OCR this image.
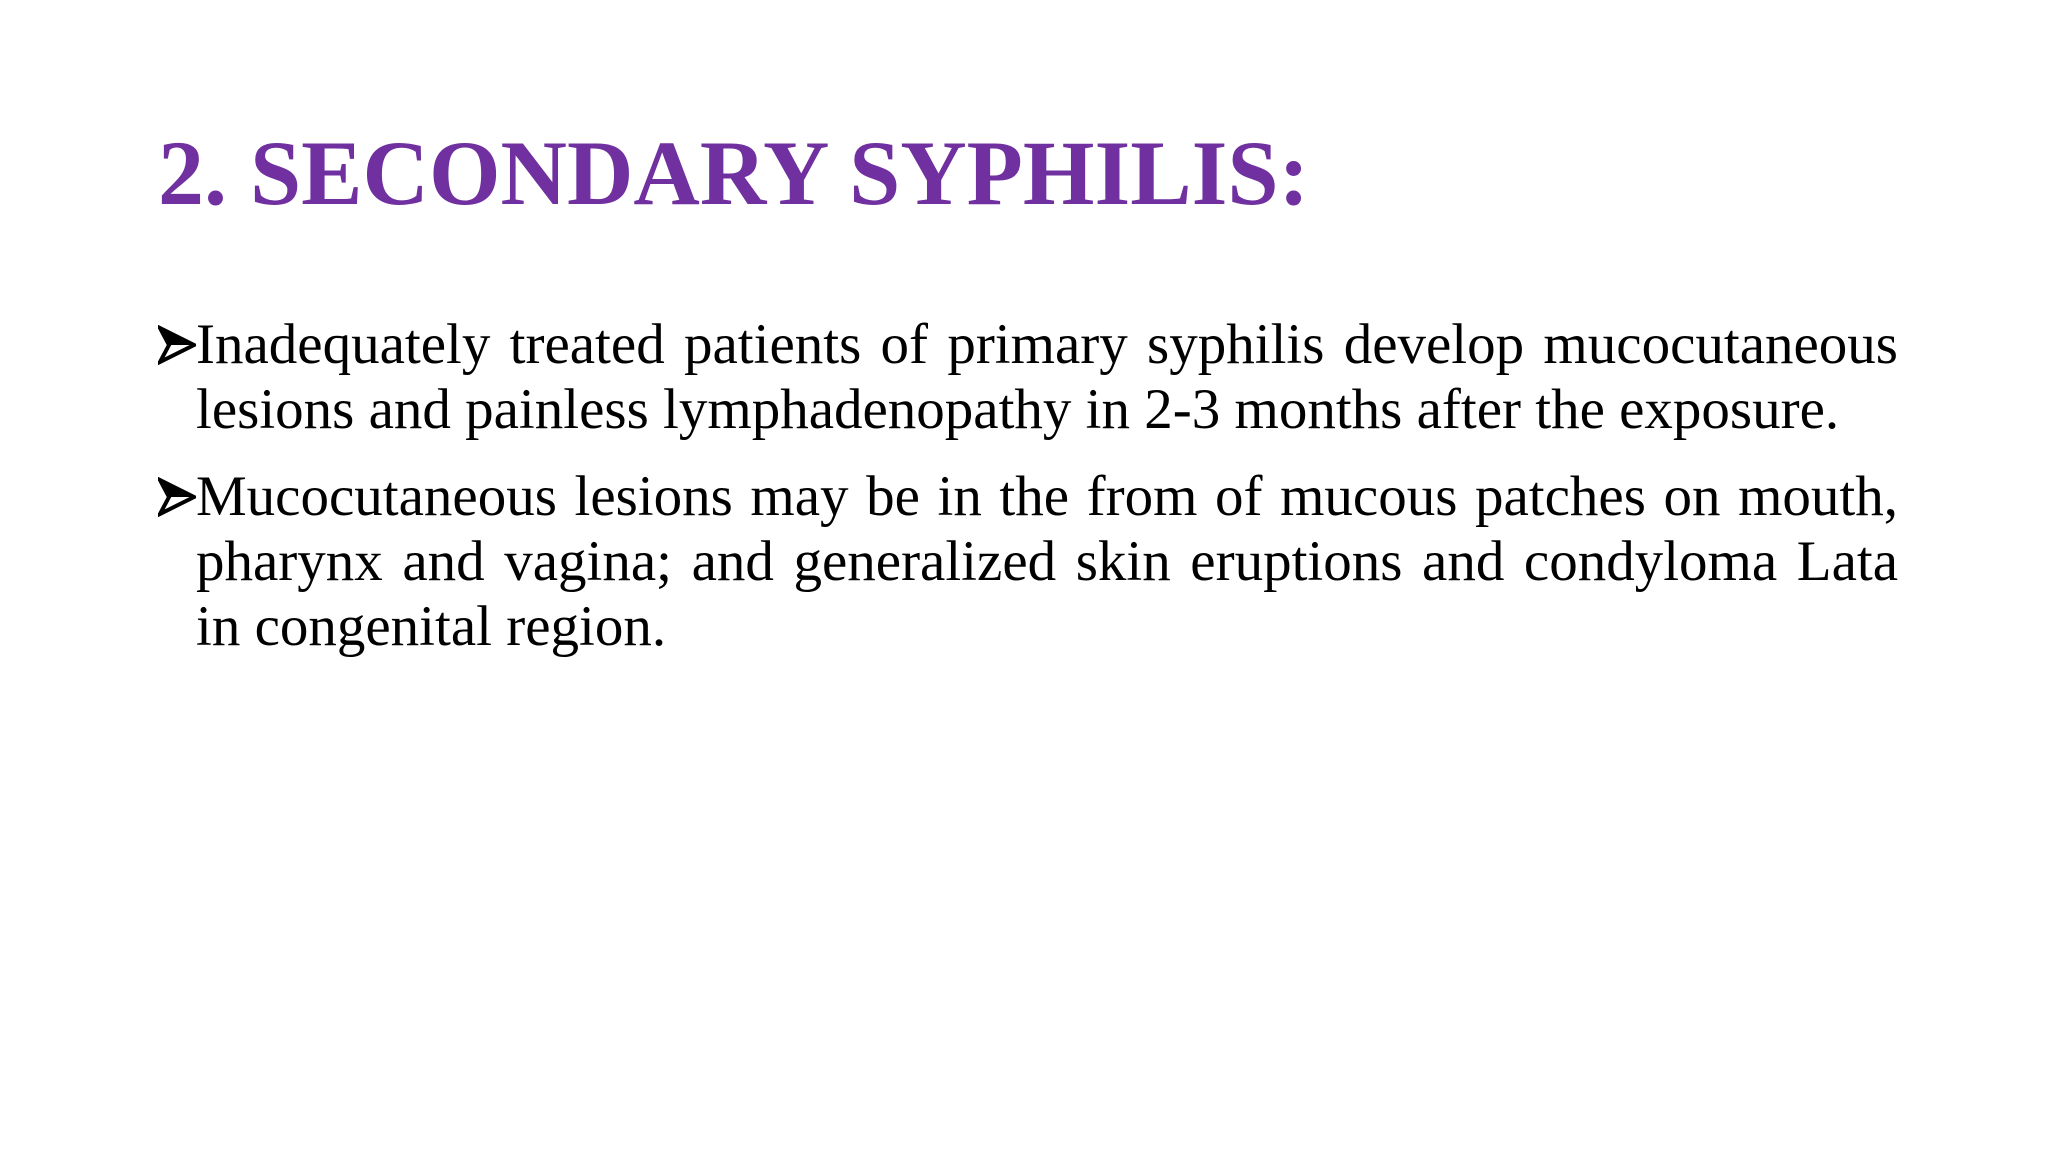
2. SECONDARY SYPHILIS:
Inadequately treated patients of primary syphilis develop mucocutaneous lesions and painless lymphadenopathy in 2-3 months after the exposure.
Mucocutaneous lesions may be in the from of mucous patches on mouth, pharynx and vagina; and generalized skin eruptions and condyloma Lata in congenital region.
